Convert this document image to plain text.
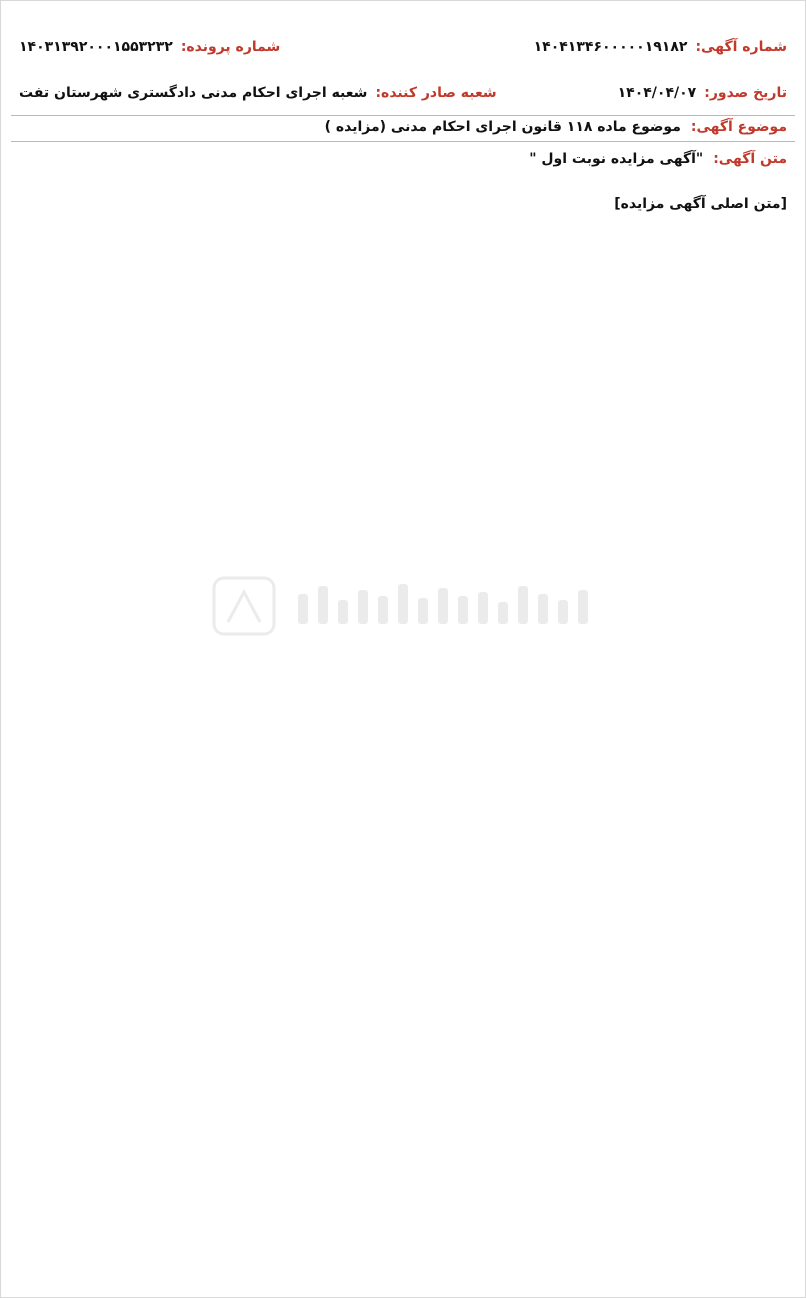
شماره آگهی:
۱۴۰۴۱۳۴۶۰۰۰۰۰۱۹۱۸۲
شماره پرونده:
۱۴۰۳۱۳۹۲۰۰۰۱۵۵۳۲۳۲
تاریخ صدور:
۱۴۰۴/۰۴/۰۷
شعبه صادر کننده:
شعبه اجرای احکام مدنی دادگستری شهرستان تفت
موضوع آگهی:
موضوع ماده ۱۱۸ قانون اجرای احکام مدنی (مزایده )
متن آگهی:
"آگهی مزایده نوبت اول "
[متن اصلی آگهی مزایده]
